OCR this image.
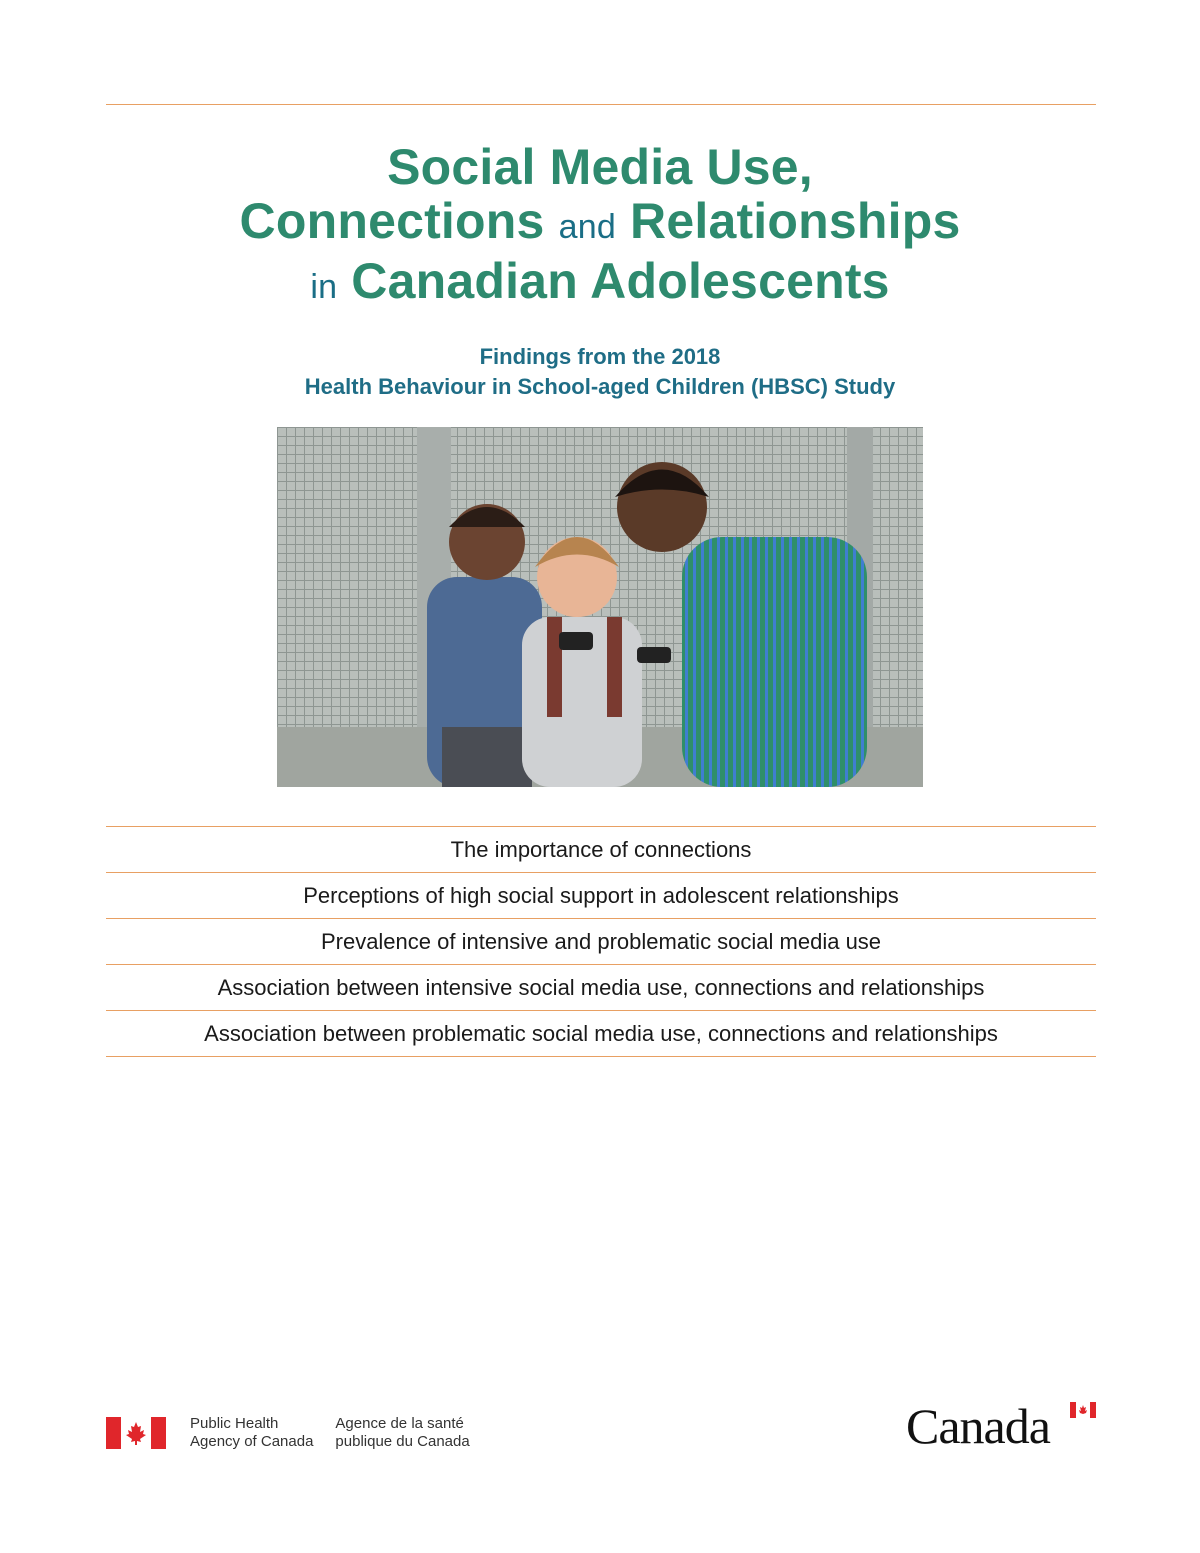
Social Media Use,
Connections and Relationships
in Canadian Adolescents
Findings from the 2018
Health Behaviour in School-aged Children (HBSC) Study
The importance of connections
Perceptions of high social support in adolescent relationships
Prevalence of intensive and problematic social media use
Association between intensive social media use, connections and relationships
Association between problematic social media use, connections and relationships
Public Health
Agency of Canada
Agence de la santé
publique du Canada	Canada
